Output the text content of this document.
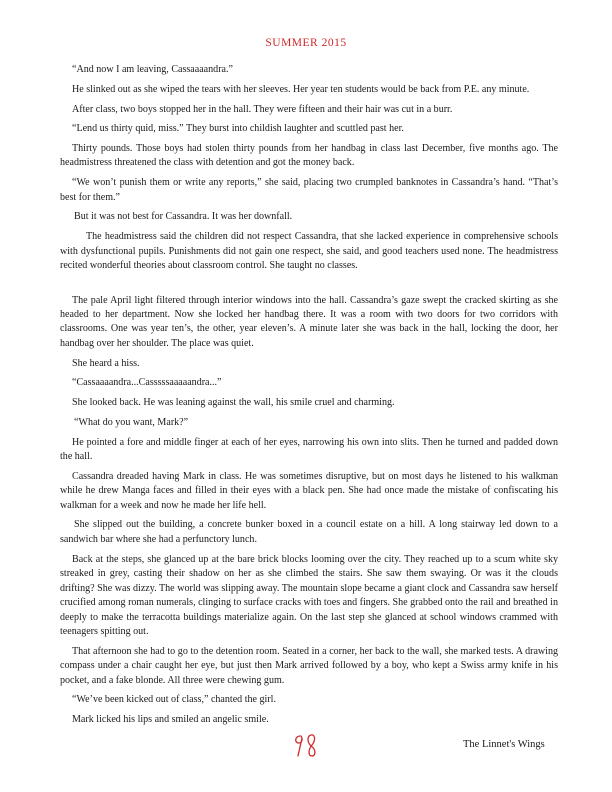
SUMMER 2015

“And now I am leaving, Cassaaaandra.”

He slinked out as she wiped the tears with her sleeves. Her year ten students would be back from P.E. any minute.

After class, two boys stopped her in the hall. They were fifteen and their hair was cut in a burr.

“Lend us thirty quid, miss.” They burst into childish laughter and scuttled past her.

Thirty pounds. Those boys had stolen thirty pounds from her handbag in class last December, five months ago. The headmistress threatened the class with detention and got the money back.

“We won’t punish them or write any reports,” she said, placing two crumpled banknotes in Cassandra’s hand. “That’s best for them.”

But it was not best for Cassandra. It was her downfall.

The headmistress said the children did not respect Cassandra, that she lacked experience in comprehensive schools with dysfunctional pupils. Punishments did not gain one respect, she said, and good teachers used none. The headmistress recited wonderful theories about classroom control. She taught no classes.

The pale April light filtered through interior windows into the hall. Cassandra’s gaze swept the cracked skirting as she headed to her department. Now she locked her handbag there. It was a room with two doors for two corridors with classrooms. One was year ten’s, the other, year eleven’s. A minute later she was back in the hall, locking the door, her handbag over her shoulder. The place was quiet.

She heard a hiss.

“Cassaaaandra...Casssssaaaaandra...”

She looked back. He was leaning against the wall, his smile cruel and charming.

“What do you want, Mark?”

He pointed a fore and middle finger at each of her eyes, narrowing his own into slits. Then he turned and padded down the hall.

Cassandra dreaded having Mark in class. He was sometimes disruptive, but on most days he listened to his walkman while he drew Manga faces and filled in their eyes with a black pen. She had once made the mistake of confiscating his walkman for a week and now he made her life hell.

She slipped out the building, a concrete bunker boxed in a council estate on a hill. A long stairway led down to a sandwich bar where she had a perfunctory lunch.

Back at the steps, she glanced up at the bare brick blocks looming over the city. They reached up to a scum white sky streaked in grey, casting their shadow on her as she climbed the stairs. She saw them swaying. Or was it the clouds drifting? She was dizzy. The world was slipping away. The mountain slope became a giant clock and Cassandra saw herself crucified among roman numerals, clinging to surface cracks with toes and fingers. She grabbed onto the rail and breathed in deeply to make the terracotta buildings materialize again. On the last step she glanced at school windows crammed with teenagers spitting out.

That afternoon she had to go to the detention room. Seated in a corner, her back to the wall, she marked tests. A drawing compass under a chair caught her eye, but just then Mark arrived followed by a boy, who kept a Swiss army knife in his pocket, and a fake blonde. All three were chewing gum.

“We’ve been kicked out of class,” chanted the girl.

Mark licked his lips and smiled an angelic smile.

The Linnet's Wings
